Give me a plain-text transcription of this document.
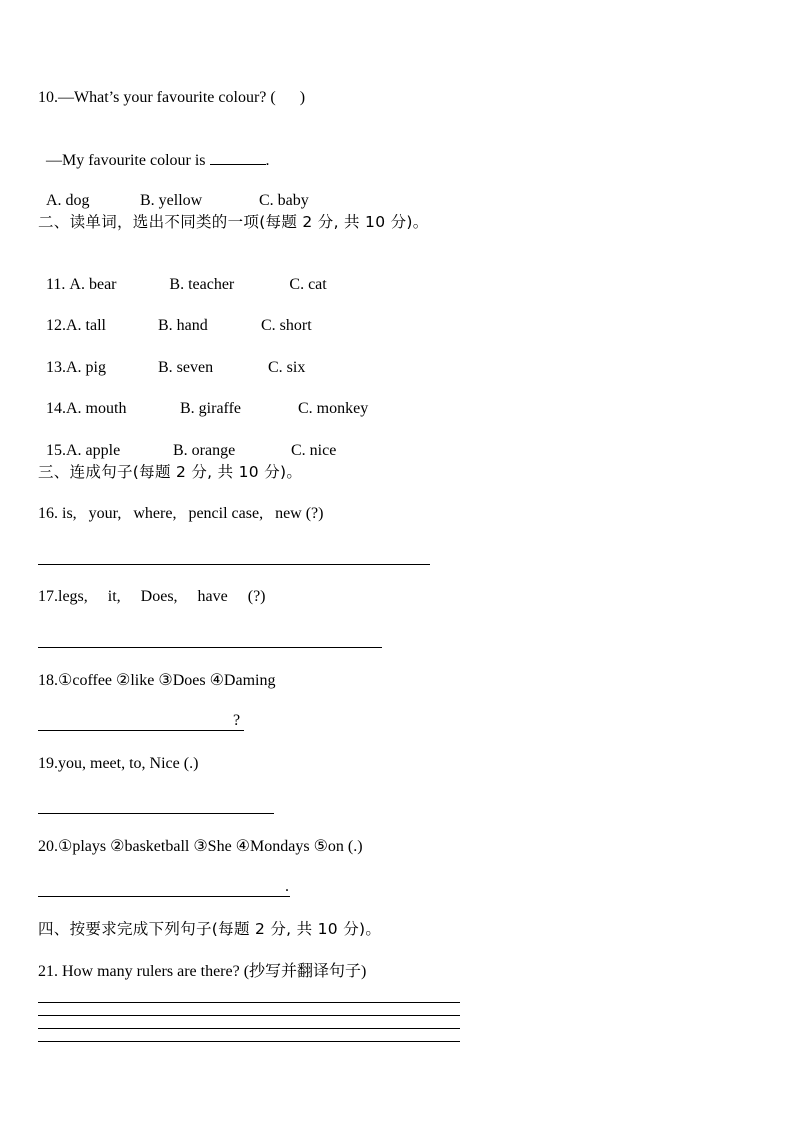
10.—What’s your favourite colour? (      )

—My favourite colour is	.

A. dog	B. yellow	C. baby

二、读单词，选出不同类的一项(每题 2 分, 共 10 分)。

11. A. bear	B. teacher	C. cat

12.A. tall	B. hand	C. short

13.A. pig	B. seven	C. six

14.A. mouth	B. giraffe	C. monkey

15.A. apple	B. orange	C. nice

三、连成句子(每题 2 分, 共 10 分)。
16. is,   your,   where,   pencil case,   new (?)
17.legs,     it,     Does,     have     (?)
18.①coffee ②like ③Does ④Daming
?
19.you, meet, to, Nice (.)
20.①plays ②basketball ③She ④Mondays ⑤on (.)
.
四、按要求完成下列句子(每题 2 分, 共 10 分)。
21. How many rulers are there? (抄写并翻译句子)
